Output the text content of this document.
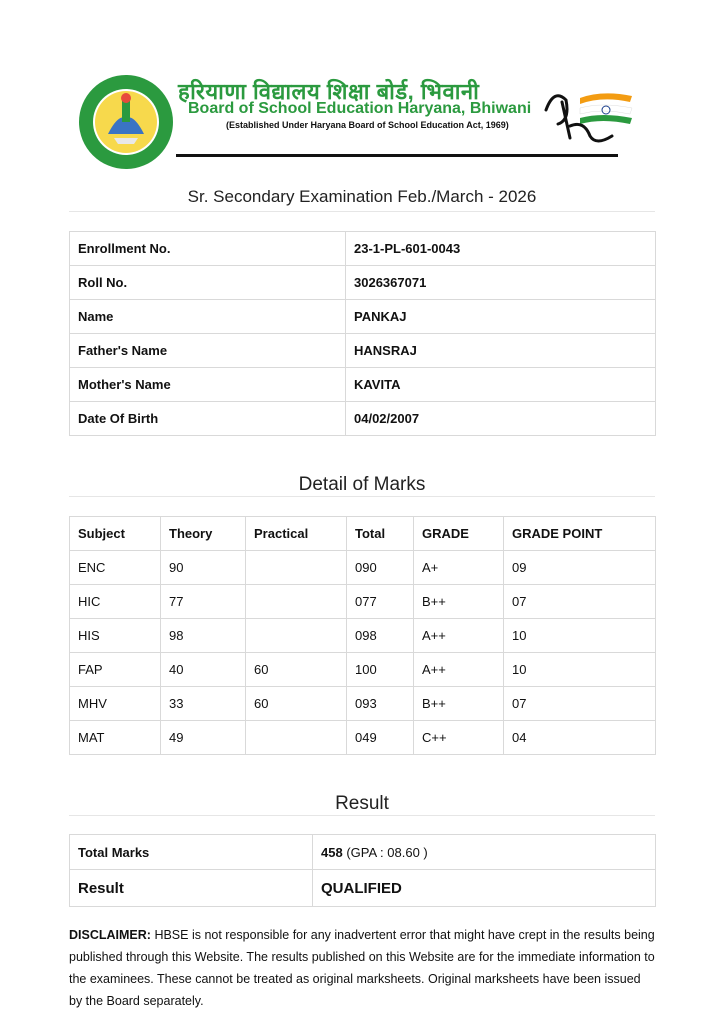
हरियाणा विद्यालय शिक्षा बोर्ड, भिवानी
Board of School Education Haryana, Bhiwani
(Established Under Haryana Board of School Education Act, 1969)
Sr. Secondary Examination Feb./March - 2026
Enrollment No.	23-1-PL-601-0043
Roll No.	3026367071
Name	PANKAJ
Father's Name	HANSRAJ
Mother's Name	KAVITA
Date Of Birth	04/02/2007
Detail of Marks
Subject	Theory	Practical	Total	GRADE	GRADE POINT
ENC	90		090	A+	09
HIC	77		077	B++	07
HIS	98		098	A++	10
FAP	40	60	100	A++	10
MHV	33	60	093	B++	07
MAT	49		049	C++	04
Result
Total Marks	458 (GPA : 08.60 )
Result	QUALIFIED
DISCLAIMER: HBSE is not responsible for any inadvertent error that might have crept in the results being published through this Website. The results published on this Website are for the immediate information to the examinees. These cannot be treated as original marksheets. Original marksheets have been issued by the Board separately.
